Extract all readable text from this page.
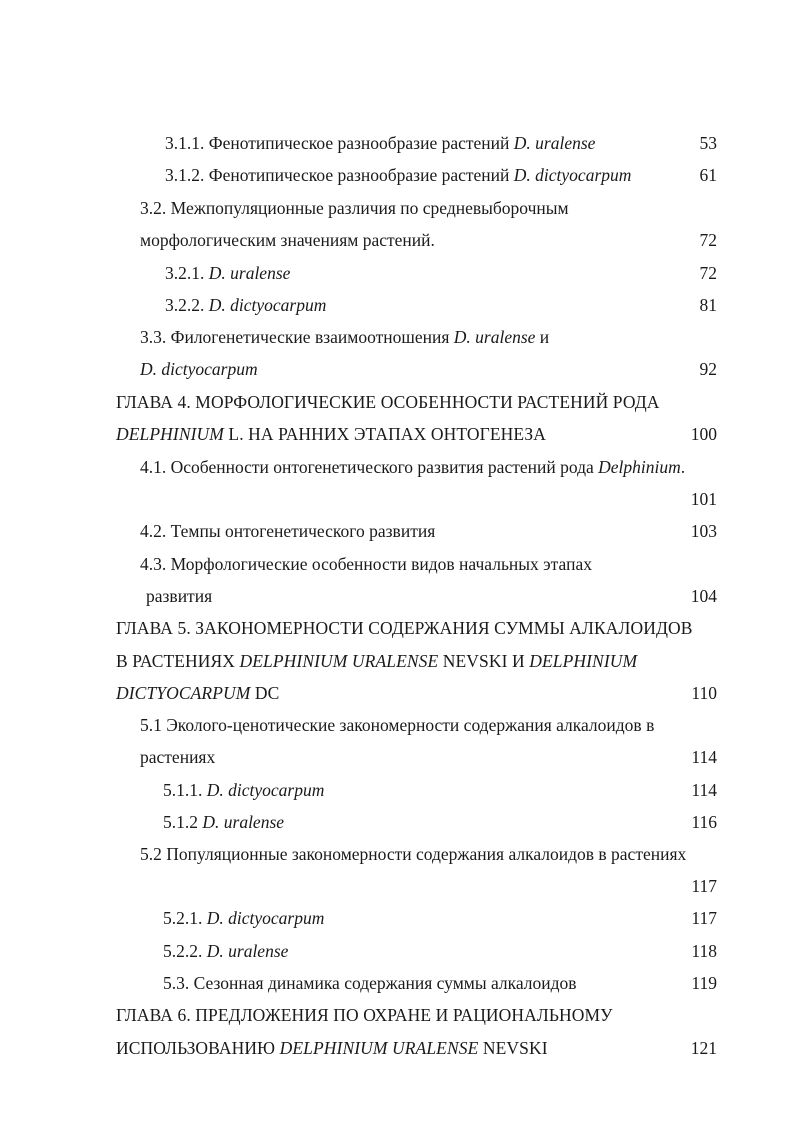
3.1.1. Фенотипическое разнообразие растений D. uralense	53
3.1.2. Фенотипическое разнообразие растений D. dictyocarpum	61
3.2. Межпопуляционные различия по средневыборочным
морфологическим значениям растений.	72
3.2.1. D. uralense	72
3.2.2. D. dictyocarpum	81
3.3. Филогенетические взаимоотношения D. uralense и
D. dictyocarpum	92
ГЛАВА 4. МОРФОЛОГИЧЕСКИЕ ОСОБЕННОСТИ РАСТЕНИЙ РОДА
DELPHINIUM L. НА РАННИХ ЭТАПАХ ОНТОГЕНЕЗА	100
4.1. Особенности онтогенетического развития растений рода Delphinium.
101
4.2. Темпы онтогенетического развития	103
4.3. Морфологические особенности видов начальных этапах
развития	104
ГЛАВА 5. ЗАКОНОМЕРНОСТИ СОДЕРЖАНИЯ СУММЫ АЛКАЛОИДОВ
В РАСТЕНИЯХ DELPHINIUM URALENSE NEVSKI И DELPHINIUM
DICTYOCARPUM DC	110
5.1 Эколого-ценотические закономерности содержания алкалоидов в
растениях	114
5.1.1. D. dictyocarpum	114
5.1.2 D. uralense	116
5.2 Популяционные закономерности содержания алкалоидов в растениях
117
5.2.1. D. dictyocarpum	117
5.2.2. D. uralense	118
5.3. Сезонная динамика содержания суммы алкалоидов	119
ГЛАВА 6. ПРЕДЛОЖЕНИЯ ПО ОХРАНЕ И РАЦИОНАЛЬНОМУ
ИСПОЛЬЗОВАНИЮ DELPHINIUM URALENSE NEVSKI	121
